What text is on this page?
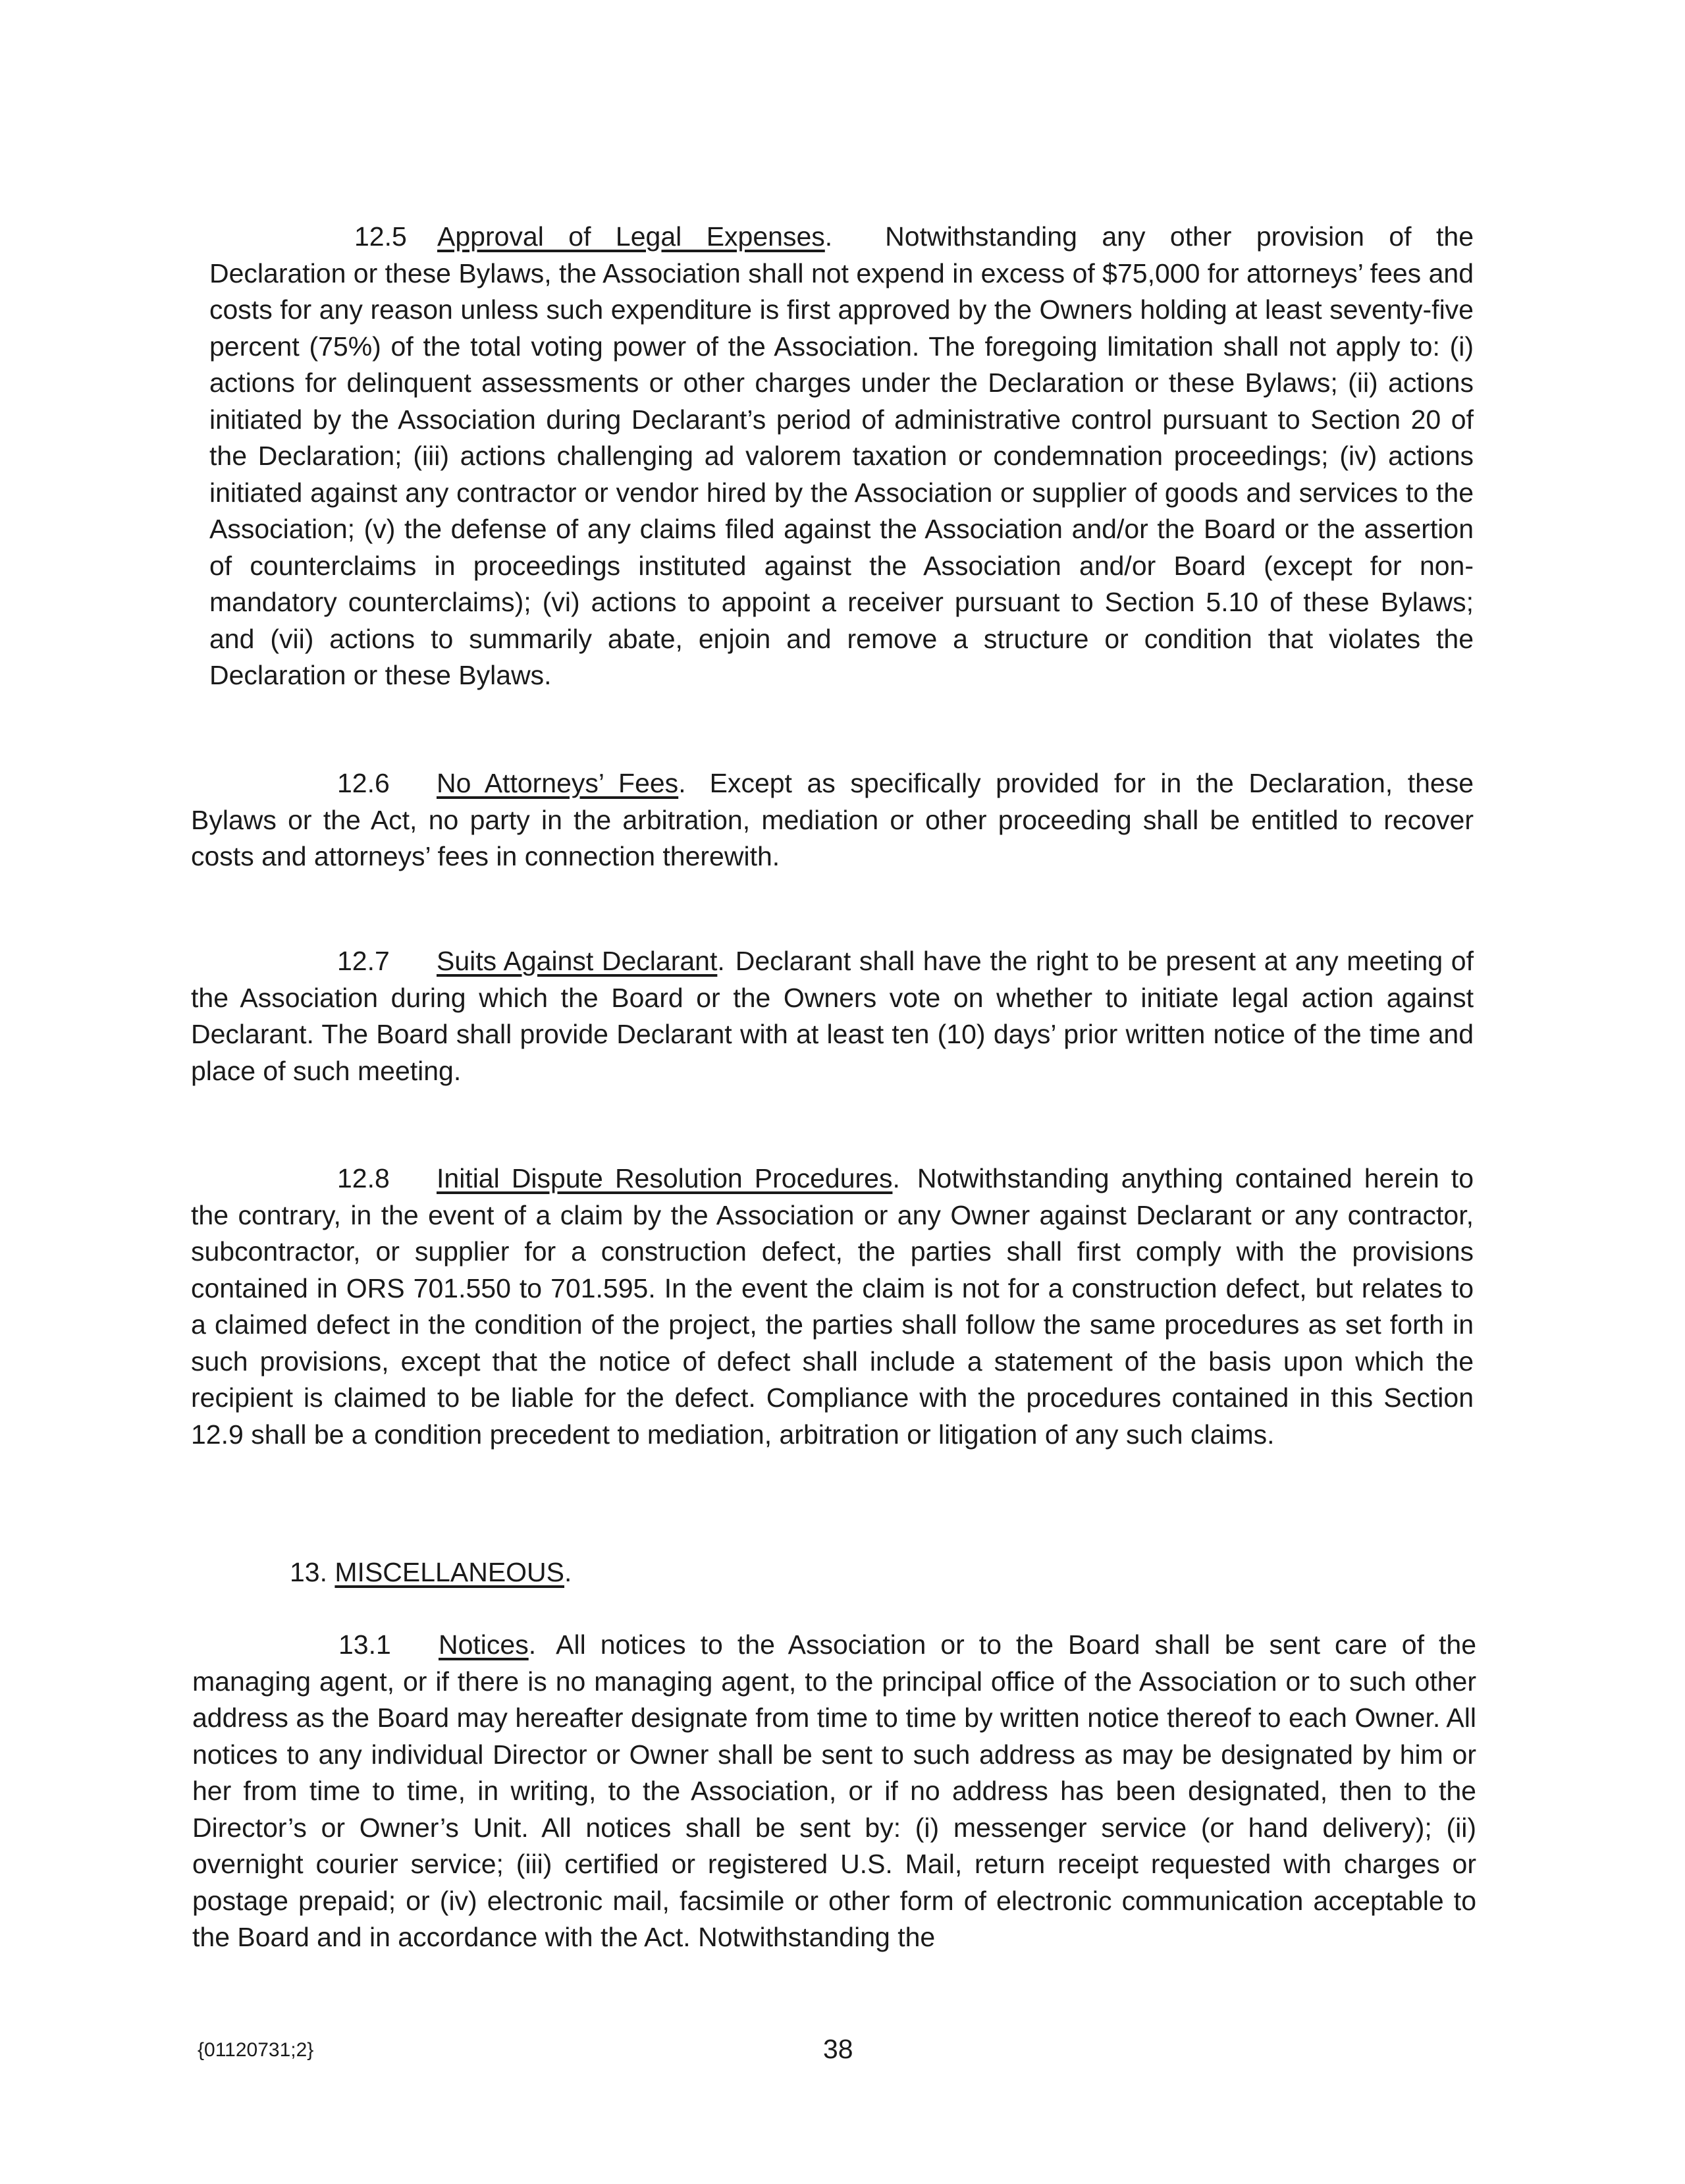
12.5 Approval of Legal Expenses. Notwithstanding any other provision of the Declaration or these Bylaws, the Association shall not expend in excess of $75,000 for attorneys’ fees and costs for any reason unless such expenditure is first approved by the Owners holding at least seventy-five percent (75%) of the total voting power of the Association. The foregoing limitation shall not apply to: (i) actions for delinquent assessments or other charges under the Declaration or these Bylaws; (ii) actions initiated by the Association during Declarant’s period of administrative control pursuant to Section 20 of the Declaration; (iii) actions challenging ad valorem taxation or condemnation proceedings; (iv) actions initiated against any contractor or vendor hired by the Association or supplier of goods and services to the Association; (v) the defense of any claims filed against the Association and/or the Board or the assertion of counterclaims in proceedings instituted against the Association and/or Board (except for non-mandatory counterclaims); (vi) actions to appoint a receiver pursuant to Section 5.10 of these Bylaws; and (vii) actions to summarily abate, enjoin and remove a structure or condition that violates the Declaration or these Bylaws.

12.6 No Attorneys’ Fees. Except as specifically provided for in the Declaration, these Bylaws or the Act, no party in the arbitration, mediation or other proceeding shall be entitled to recover costs and attorneys’ fees in connection therewith.

12.7 Suits Against Declarant. Declarant shall have the right to be present at any meeting of the Association during which the Board or the Owners vote on whether to initiate legal action against Declarant. The Board shall provide Declarant with at least ten (10) days’ prior written notice of the time and place of such meeting.

12.8 Initial Dispute Resolution Procedures. Notwithstanding anything contained herein to the contrary, in the event of a claim by the Association or any Owner against Declarant or any contractor, subcontractor, or supplier for a construction defect, the parties shall first comply with the provisions contained in ORS 701.550 to 701.595. In the event the claim is not for a construction defect, but relates to a claimed defect in the condition of the project, the parties shall follow the same procedures as set forth in such provisions, except that the notice of defect shall include a statement of the basis upon which the recipient is claimed to be liable for the defect. Compliance with the procedures contained in this Section 12.9 shall be a condition precedent to mediation, arbitration or litigation of any such claims.

13. MISCELLANEOUS.

13.1 Notices. All notices to the Association or to the Board shall be sent care of the managing agent, or if there is no managing agent, to the principal office of the Association or to such other address as the Board may hereafter designate from time to time by written notice thereof to each Owner. All notices to any individual Director or Owner shall be sent to such address as may be designated by him or her from time to time, in writing, to the Association, or if no address has been designated, then to the Director’s or Owner’s Unit. All notices shall be sent by: (i) messenger service (or hand delivery); (ii) overnight courier service; (iii) certified or registered U.S. Mail, return receipt requested with charges or postage prepaid; or (iv) electronic mail, facsimile or other form of electronic communication acceptable to the Board and in accordance with the Act. Notwithstanding the

{01120731;2}	38
